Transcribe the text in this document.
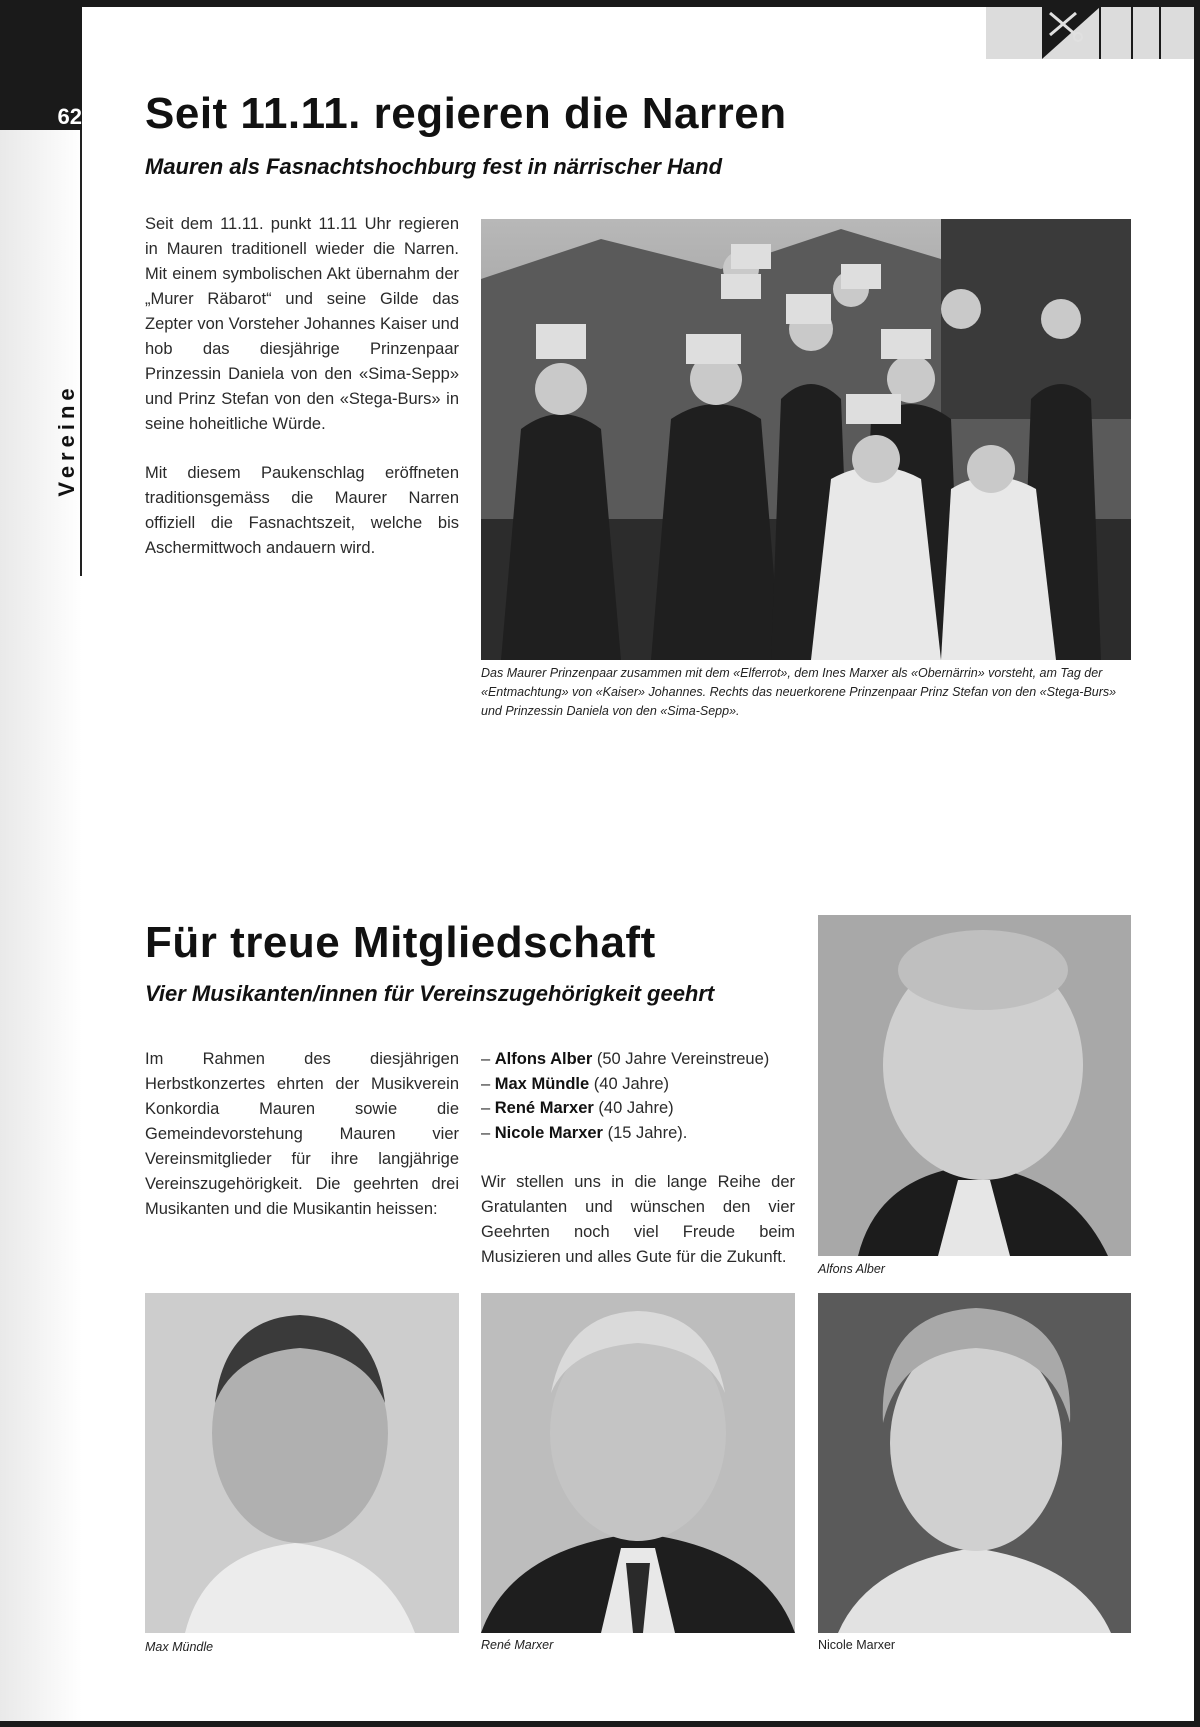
62
Vereine
Seit 11.11. regieren die Narren
Mauren als Fasnachtshochburg fest in närrischer Hand

Seit dem 11.11. punkt 11.11 Uhr regieren in Mauren traditionell wieder die Narren. Mit einem symbolischen Akt übernahm der „Murer Räbarot“ und seine Gilde das Zepter von Vorsteher Johannes Kaiser und hob das diesjährige Prinzenpaar Prinzessin Daniela von den «Sima-Sepp» und Prinz Stefan von den «Stega-Burs» in seine hoheitliche Würde.

Mit diesem Paukenschlag eröffneten traditionsgemäss die Maurer Narren offiziell die Fasnachtszeit, welche bis Aschermittwoch andauern wird.

Das Maurer Prinzenpaar zusammen mit dem «Elferrot», dem Ines Marxer als «Obernärrin» vorsteht, am Tag der «Entmachtung» von «Kaiser» Johannes. Rechts das neuerkorene Prinzenpaar Prinz Stefan von den «Stega-Burs» und Prinzessin Daniela von den «Sima-Sepp».
Für treue Mitgliedschaft
Vier Musikanten/innen für Vereinszugehörigkeit geehrt
Im Rahmen des diesjährigen Herbstkonzertes ehrten der Musikverein Konkordia Mauren sowie die Gemeindevorstehung Mauren vier Vereinsmitglieder für ihre langjährige Vereinszugehörigkeit. Die geehrten drei Musikanten und die Musikantin heissen:
– Alfons Alber (50 Jahre Vereinstreue)
– Max Mündle (40 Jahre)
– René Marxer (40 Jahre)
– Nicole Marxer (15 Jahre).
Wir stellen uns in die lange Reihe der Gratulanten und wünschen den vier Geehrten noch viel Freude beim Musizieren und alles Gute für die Zukunft.
Alfons Alber
Max Mündle	René Marxer	Nicole Marxer
